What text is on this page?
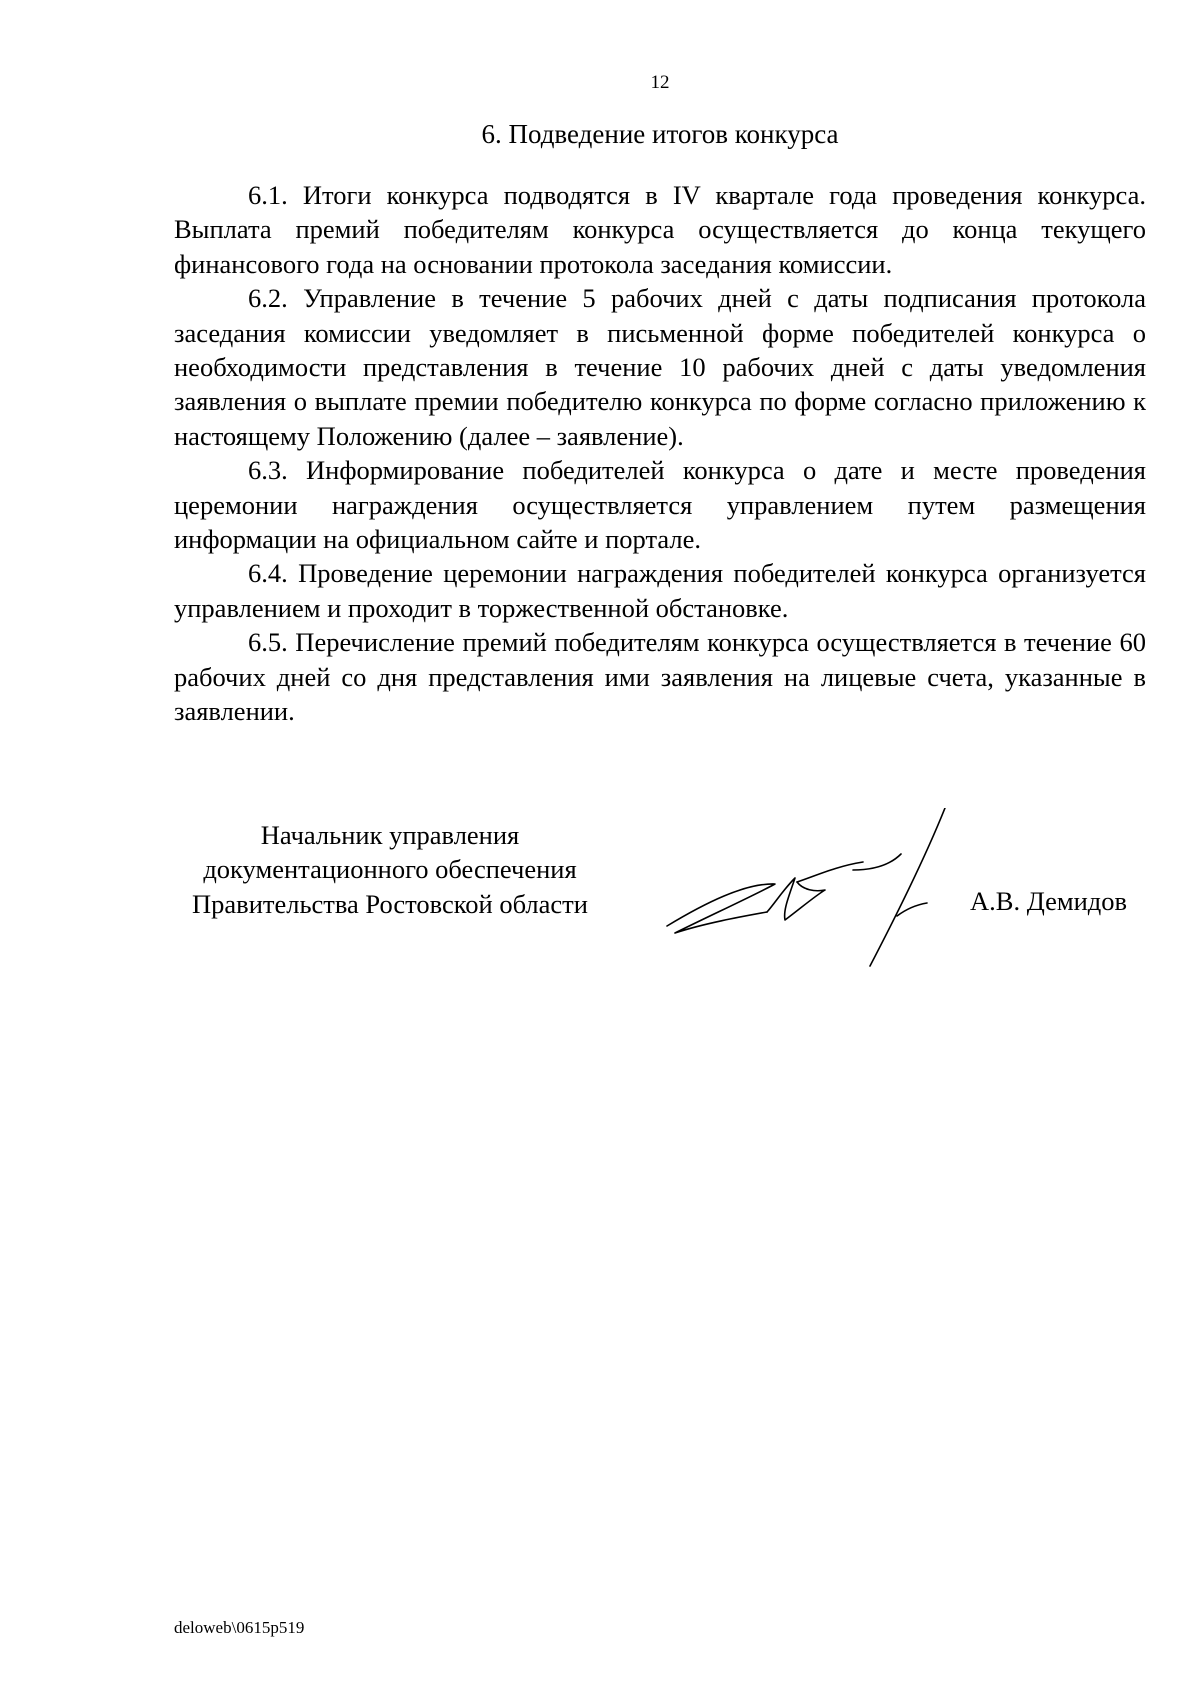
12
6. Подведение итогов конкурса

6.1. Итоги конкурса подводятся в IV квартале года проведения конкурса. Выплата премий победителям конкурса осуществляется до конца текущего финансового года на основании протокола заседания комиссии.

6.2. Управление в течение 5 рабочих дней с даты подписания протокола заседания комиссии уведомляет в письменной форме победителей конкурса о необходимости представления в течение 10 рабочих дней с даты уведомления заявления о выплате премии победителю конкурса по форме согласно приложению к настоящему Положению (далее – заявление).

6.3. Информирование победителей конкурса о дате и месте проведения церемонии награждения осуществляется управлением путем размещения информации на официальном сайте и портале.

6.4. Проведение церемонии награждения победителей конкурса организуется управлением и проходит в торжественной обстановке.

6.5. Перечисление премий победителям конкурса осуществляется в течение 60 рабочих дней со дня представления ими заявления на лицевые счета, указанные в заявлении.

Начальник управления
документационного обеспечения
Правительства Ростовской области	А.В. Демидов
deloweb\0615p519
